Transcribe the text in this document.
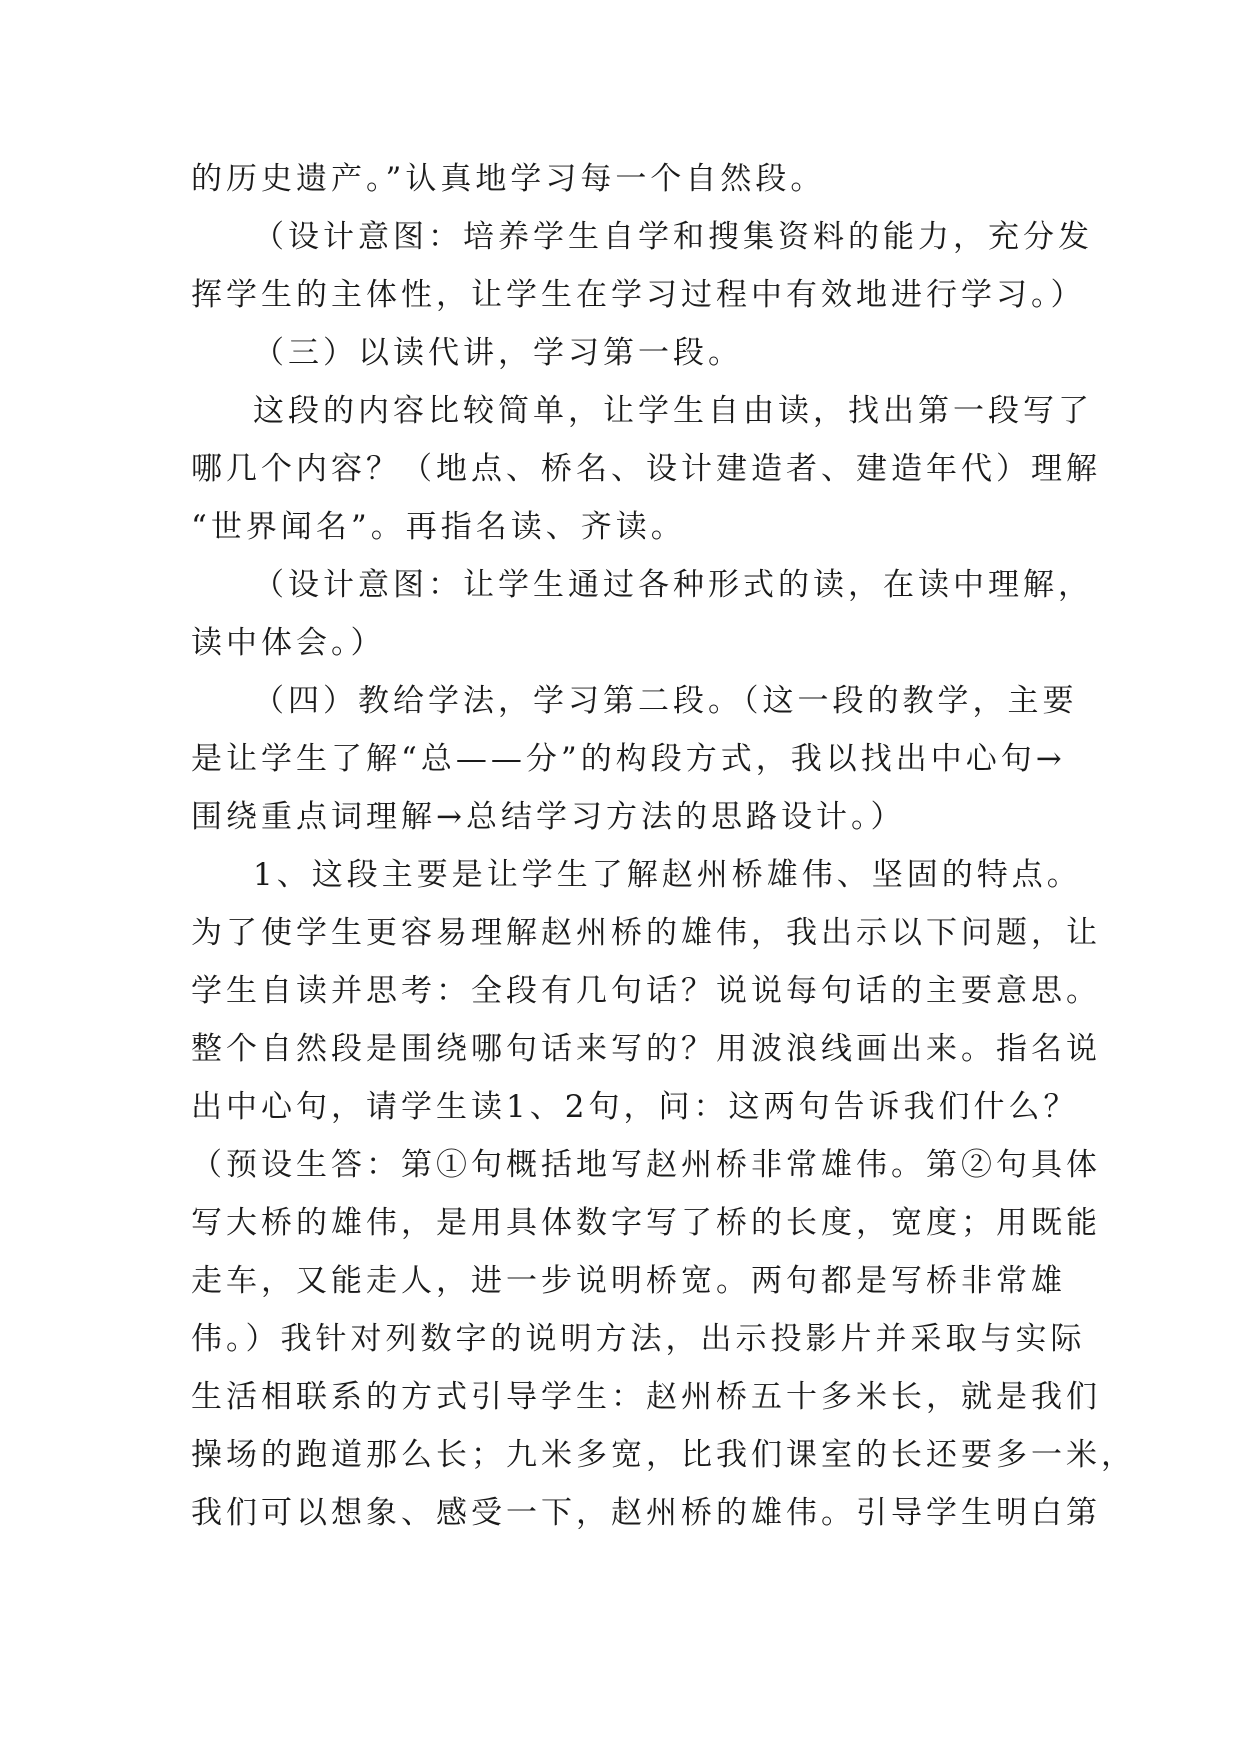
的历史遗产。”认真地学习每一个自然段。
（设计意图：培养学生自学和搜集资料的能力，充分发
挥学生的主体性，让学生在学习过程中有效地进行学习。）
（三）以读代讲，学习第一段。
这段的内容比较简单，让学生自由读，找出第一段写了
哪几个内容？（地点、桥名、设计建造者、建造年代）理解
“世界闻名”。再指名读、齐读。
（设计意图：让学生通过各种形式的读，在读中理解，
读中体会。）
（四）教给学法，学习第二段。（这一段的教学，主要
是让学生了解“总——分”的构段方式，我以找出中心句→
围绕重点词理解→总结学习方法的思路设计。）
1、这段主要是让学生了解赵州桥雄伟、坚固的特点。
为了使学生更容易理解赵州桥的雄伟，我出示以下问题，让
学生自读并思考：全段有几句话？说说每句话的主要意思。
整个自然段是围绕哪句话来写的？用波浪线画出来。指名说
出中心句，请学生读1、2句，问：这两句告诉我们什么？
（预设生答：第①句概括地写赵州桥非常雄伟。第②句具体
写大桥的雄伟，是用具体数字写了桥的长度，宽度；用既能
走车，又能走人，进一步说明桥宽。两句都是写桥非常雄
伟。）我针对列数字的说明方法，出示投影片并采取与实际
生活相联系的方式引导学生：赵州桥五十多米长，就是我们
操场的跑道那么长；九米多宽，比我们课室的长还要多一米，
我们可以想象、感受一下，赵州桥的雄伟。引导学生明白第
